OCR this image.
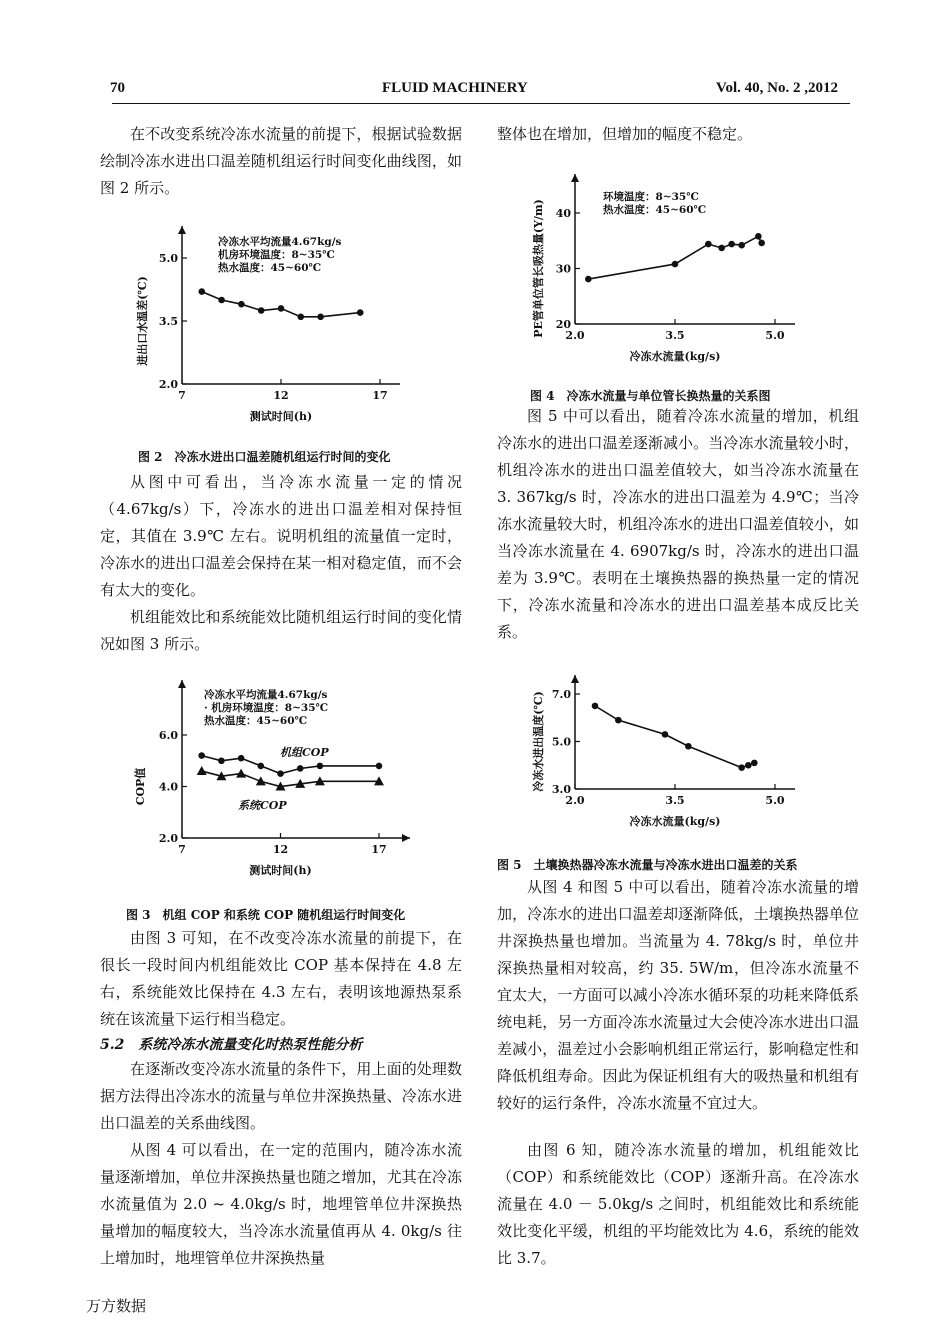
70	FLUID MACHINERY	Vol. 40, No. 2 ,2012

在不改变系统冷冻水流量的前提下，根据试验数据绘制冷冻水进出口温差随机组运行时间变化曲线图，如图 2 所示。

7	12	17
2.0
3.5
5.0
测试时间(h)
进出口水温差(℃)
冷冻水平均流量4.67kg/s
机房环境温度：8~35℃
热水温度：45~60℃
图 2　冷冻水进出口温差随机组运行时间的变化

从图中可看出，当冷冻水流量一定的情况（4.67kg/s）下，冷冻水的进出口温差相对保持恒定，其值在 3.9℃ 左右。说明机组的流量值一定时，冷冻水的进出口温差会保持在某一相对稳定值，而不会有太大的变化。

机组能效比和系统能效比随机组运行时间的变化情况如图 3 所示。

7	12	17
2.0
4.0
6.0
测试时间(h)
COP值
冷冻水平均流量4.67kg/s
· 机房环境温度：8~35℃
热水温度：45~60℃
机组COP
系统COP
图 3　机组 COP 和系统 COP 随机组运行时间变化

由图 3 可知，在不改变冷冻水流量的前提下，在很长一段时间内机组能效比 COP 基本保持在 4.8 左右，系统能效比保持在 4.3 左右，表明该地源热泵系统在该流量下运行相当稳定。

5.2　系统冷冻水流量变化时热泵性能分析

在逐渐改变冷冻水流量的条件下，用上面的处理数据方法得出冷冻水的流量与单位井深换热量、冷冻水进出口温差的关系曲线图。

从图 4 可以看出，在一定的范围内，随冷冻水流量逐渐增加，单位井深换热量也随之增加，尤其在冷冻水流量值为 2.0 ~ 4.0kg/s 时，地埋管单位井深换热量增加的幅度较大，当冷冻水流量值再从 4. 0kg/s 往上增加时，地埋管单位井深换热量

整体也在增加，但增加的幅度不稳定。

2.0	3.5	5.0
20
30
40
冷冻水流量(kg/s)
PE管单位管长吸热量(Y/m)
环境温度：8~35℃
热水温度：45~60℃
图 4　冷冻水流量与单位管长换热量的关系图

图 5 中可以看出，随着冷冻水流量的增加，机组冷冻水的进出口温差逐渐减小。当冷冻水流量较小时，机组冷冻水的进出口温差值较大，如当冷冻水流量在 3. 367kg/s 时，冷冻水的进出口温差为 4.9℃；当冷冻水流量较大时，机组冷冻水的进出口温差值较小，如当冷冻水流量在 4. 6907kg/s 时，冷冻水的进出口温差为 3.9℃。表明在土壤换热器的换热量一定的情况下，冷冻水流量和冷冻水的进出口温差基本成反比关系。

2.0	3.5	5.0
3.0
5.0
7.0
冷冻水流量(kg/s)
冷冻水进出温度(℃)
图 5　土壤换热器冷冻水流量与冷冻水进出口温差的关系

从图 4 和图 5 中可以看出，随着冷冻水流量的增加，冷冻水的进出口温差却逐渐降低，土壤换热器单位井深换热量也增加。当流量为 4. 78kg/s 时，单位井深换热量相对较高，约 35. 5W/m，但冷冻水流量不宜太大，一方面可以减小冷冻水循环泵的功耗来降低系统电耗，另一方面冷冻水流量过大会使冷冻水进出口温差减小，温差过小会影响机组正常运行，影响稳定性和降低机组寿命。因此为保证机组有大的吸热量和机组有较好的运行条件，冷冻水流量不宜过大。

由图 6 知，随冷冻水流量的增加，机组能效比（COP）和系统能效比（COP）逐渐升高。在冷冻水流量在 4.0 － 5.0kg/s 之间时，机组能效比和系统能效比变化平缓，机组的平均能效比为 4.6，系统的能效比 3.7。

万方数据
